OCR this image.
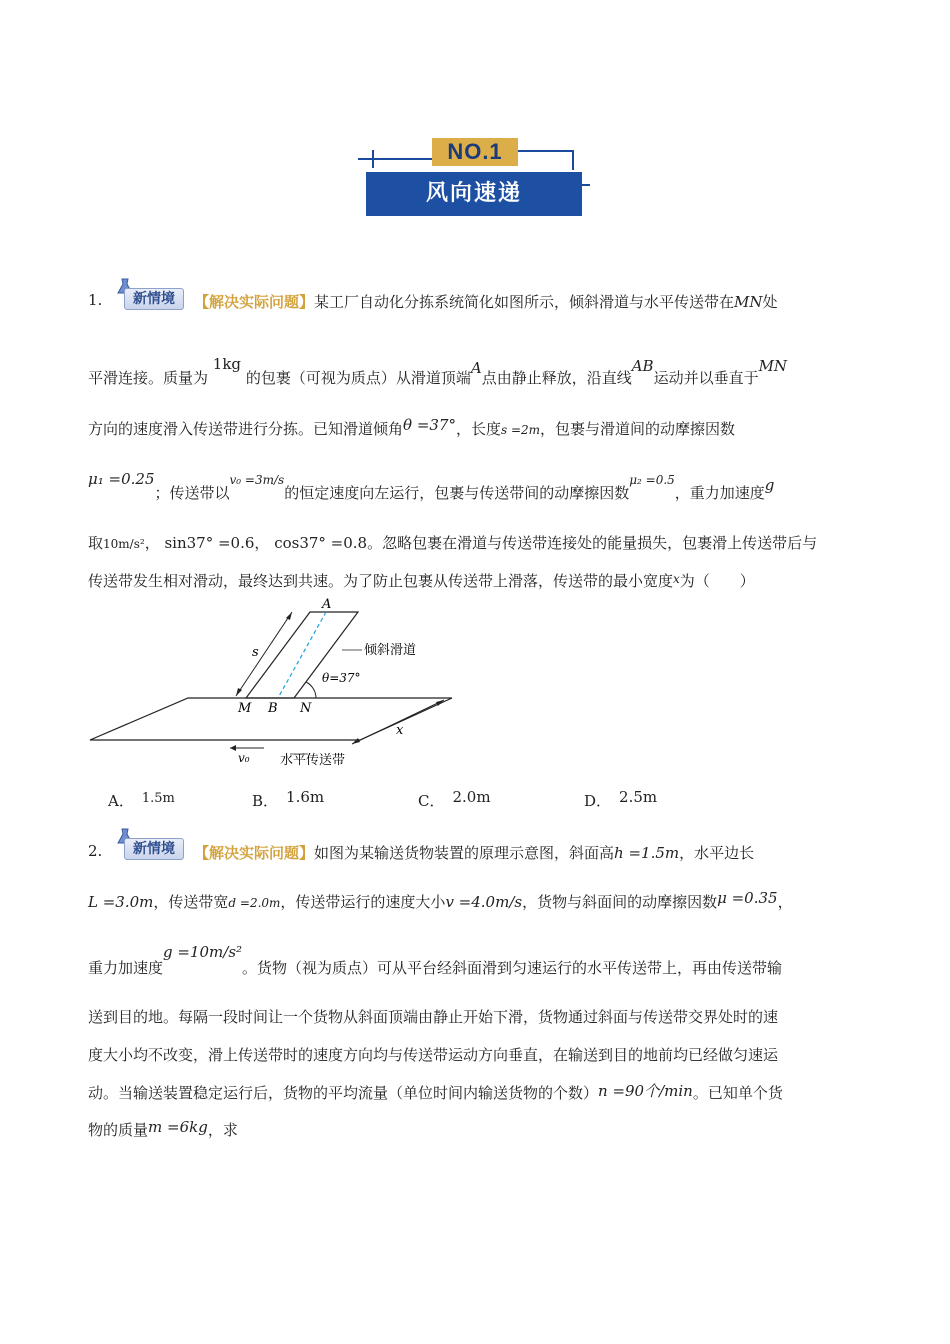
NO.1
风向速递
1.	新情境	【解决实际问题】某工厂自动化分拣系统简化如图所示，倾斜滑道与水平传送带在MN处
平滑连接。质量为 1kg 的包裹（可视为质点）从滑道顶端A点由静止释放，沿直线AB运动并以垂直于MN
方向的速度滑入传送带进行分拣。已知滑道倾角θ =37°，长度s =2m，包裹与滑道间的动摩擦因数
μ₁ =0.25；传送带以v₀ =3m/s的恒定速度向左运行，包裹与传送带间的动摩擦因数μ₂ =0.5，重力加速度g
取10m/s²， sin37° =0.6， cos37° =0.8。忽略包裹在滑道与传送带连接处的能量损失，包裹滑上传送带后与
传送带发生相对滑动，最终达到共速。为了防止包裹从传送带上滑落，传送带的最小宽度$^x$为（　　）
A
s
M B N
倾斜滑道
θ=37°
x
v₀ 水平传送带
A． 1.5m	B． 1.6m	C． 2.0m	D． 2.5m
2.	新情境	【解决实际问题】如图为某输送货物装置的原理示意图，斜面高h =1.5m，水平边长
L =3.0m，传送带宽d =2.0m，传送带运行的速度大小v =4.0m/s，货物与斜面间的动摩擦因数μ =0.35，
重力加速度g =10m/s²。货物（视为质点）可从平台经斜面滑到匀速运行的水平传送带上，再由传送带输
送到目的地。每隔一段时间让一个货物从斜面顶端由静止开始下滑，货物通过斜面与传送带交界处时的速
度大小均不改变，滑上传送带时的速度方向均与传送带运动方向垂直，在输送到目的地前均已经做匀速运
动。当输送装置稳定运行后，货物的平均流量（单位时间内输送货物的个数）n =90个/min。已知单个货
物的质量m =6kg，求
